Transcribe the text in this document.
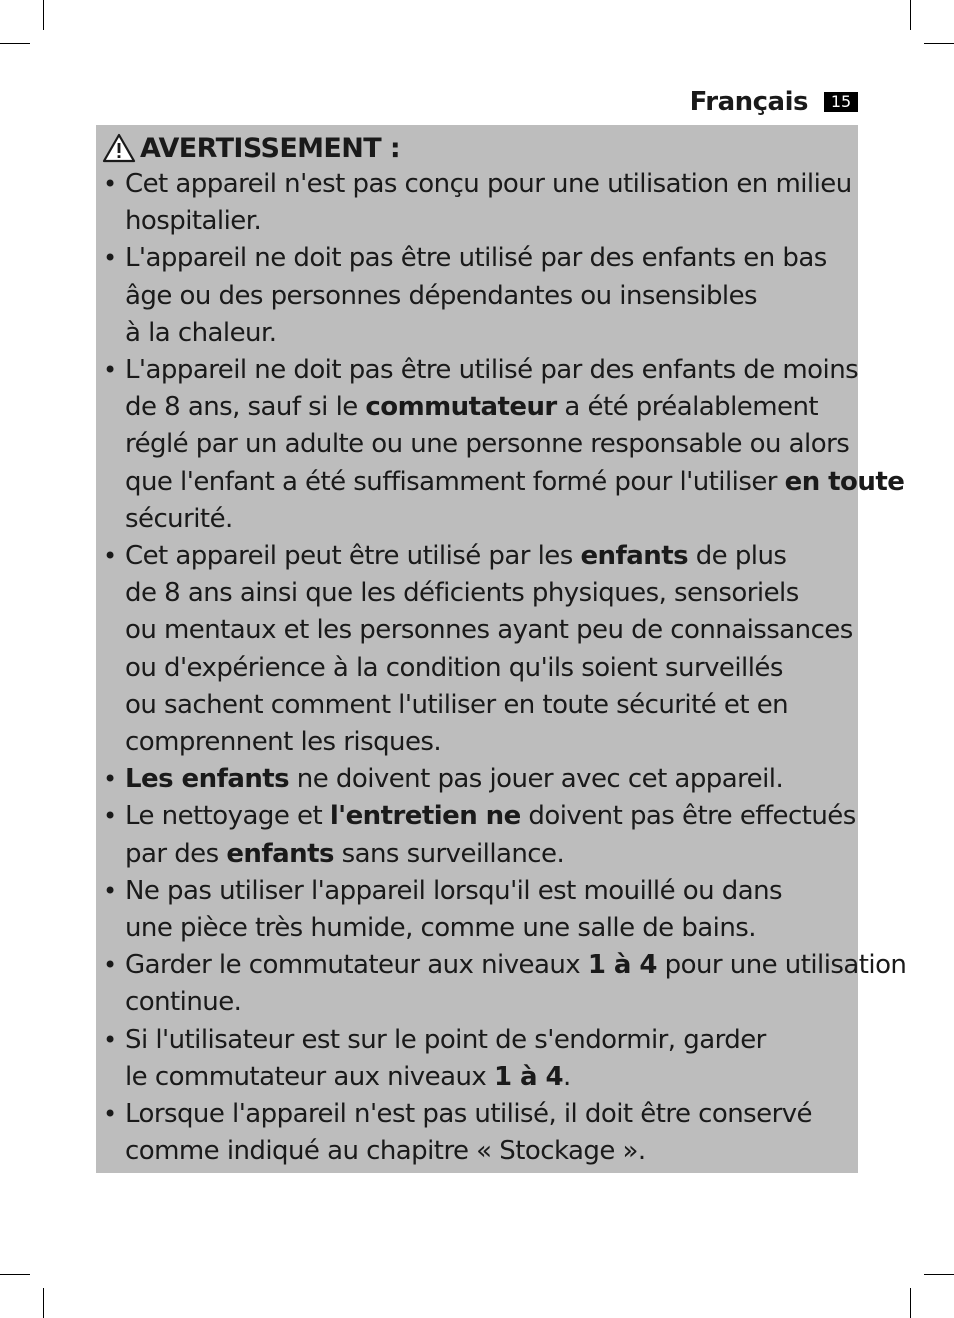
Français	15
AVERTISSEMENT :
• Cet appareil n'est pas conçu pour une utilisation en milieu
hospitalier.
• L'appareil ne doit pas être utilisé par des enfants en bas
âge ou des personnes dépendantes ou insensibles
à la chaleur.
• L'appareil ne doit pas être utilisé par des enfants de moins
de 8 ans, sauf si le commutateur a été préalablement
réglé par un adulte ou une personne responsable ou alors
que l'enfant a été suffisamment formé pour l'utiliser en toute
sécurité.
• Cet appareil peut être utilisé par les enfants de plus
de 8 ans ainsi que les déficients physiques, sensoriels
ou mentaux et les personnes ayant peu de connaissances
ou d'expérience à la condition qu'ils soient surveillés
ou sachent comment l'utiliser en toute sécurité et en
comprennent les risques.
• Les enfants ne doivent pas jouer avec cet appareil.
• Le nettoyage et l'entretien ne doivent pas être effectués
par des enfants sans surveillance.
• Ne pas utiliser l'appareil lorsqu'il est mouillé ou dans
une pièce très humide, comme une salle de bains.
• Garder le commutateur aux niveaux 1 à 4 pour une utilisation
continue.
• Si l'utilisateur est sur le point de s'endormir, garder
le commutateur aux niveaux 1 à 4.
• Lorsque l'appareil n'est pas utilisé, il doit être conservé
comme indiqué au chapitre « Stockage ».
